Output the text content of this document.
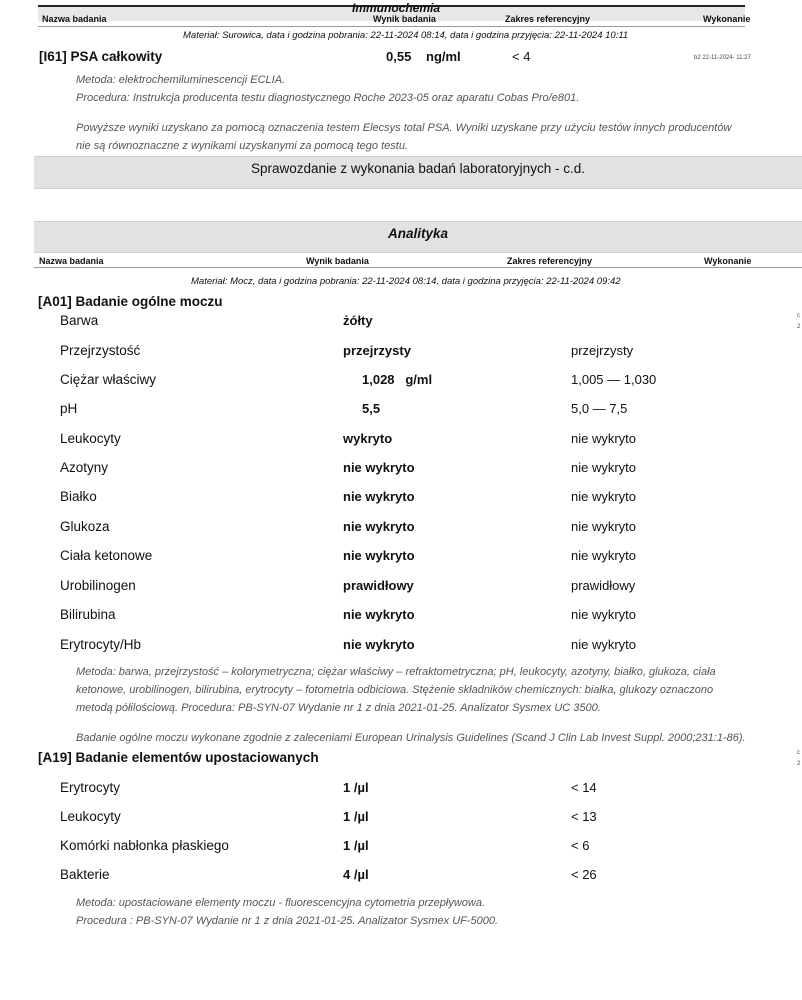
Immunochemia
Nazwa badania	Wynik badania	Zakres referencyjny	Wykonanie
Materiał: Surowica, data i godzina pobrania: 22-11-2024 08:14, data i godzina przyjęcia: 22-11-2024 10:11
[I61] PSA całkowity	0,55 ng/ml	< 4	b2 22-11-2024- 11:27
Metoda: elektrochemiluminescencji ECLIA.
Procedura: Instrukcja producenta testu diagnostycznego Roche 2023-05 oraz aparatu Cobas Pro/e801.
Powyższe wyniki uzyskano za pomocą oznaczenia testem Elecsys total PSA. Wyniki uzyskane przy użyciu testów innych producentów nie są równoznaczne z wynikami uzyskanymi za pomocą tego testu.
Sprawozdanie z wykonania badań laboratoryjnych - c.d.
Analityka
Nazwa badania	Wynik badania	Zakres referencyjny	Wykonanie
Materiał: Mocz, data i godzina pobrania: 22-11-2024 08:14, data i godzina przyjęcia: 22-11-2024 09:42
[A01] Badanie ogólne moczu
Barwa	żółty
Przejrzystość	przejrzysty	przejrzysty
Ciężar właściwy	1,028   g/ml	1,005 — 1,030
pH	5,5	5,0 — 7,5
Leukocyty	wykryto	nie wykryto
Azotyny	nie wykryto	nie wykryto
Białko	nie wykryto	nie wykryto
Glukoza	nie wykryto	nie wykryto
Ciała ketonowe	nie wykryto	nie wykryto
Urobilinogen	prawidłowy	prawidłowy
Bilirubina	nie wykryto	nie wykryto
Erytrocyty/Hb	nie wykryto	nie wykryto
Metoda: barwa, przejrzystość – kolorymetryczna; ciężar właściwy – refraktometryczna; pH, leukocyty, azotyny, białko, glukoza, ciała ketonowe, urobilinogen, bilirubina, erytrocyty – fotometria odbiciowa. Stężenie składników chemicznych: białka, glukozy oznaczono metodą półilościową. Procedura: PB-SYN-07 Wydanie nr 1 z dnia 2021-01-25. Analizator Sysmex UC 3500.
Badanie ogólne moczu wykonane zgodnie z zaleceniami European Urinalysis Guidelines (Scand J Clin Lab Invest Suppl. 2000;231:1-86).
[A19] Badanie elementów upostaciowanych
Erytrocyty	1 /µl	< 14
Leukocyty	1 /µl	< 13
Komórki nabłonka płaskiego	1 /µl	< 6
Bakterie	4 /µl	< 26
Metoda: upostaciowane elementy moczu - fluorescencyjna cytometria przepływowa.
Procedura : PB-SYN-07 Wydanie nr 1 z dnia 2021-01-25. Analizator Sysmex UF-5000.
c
2
c
2
